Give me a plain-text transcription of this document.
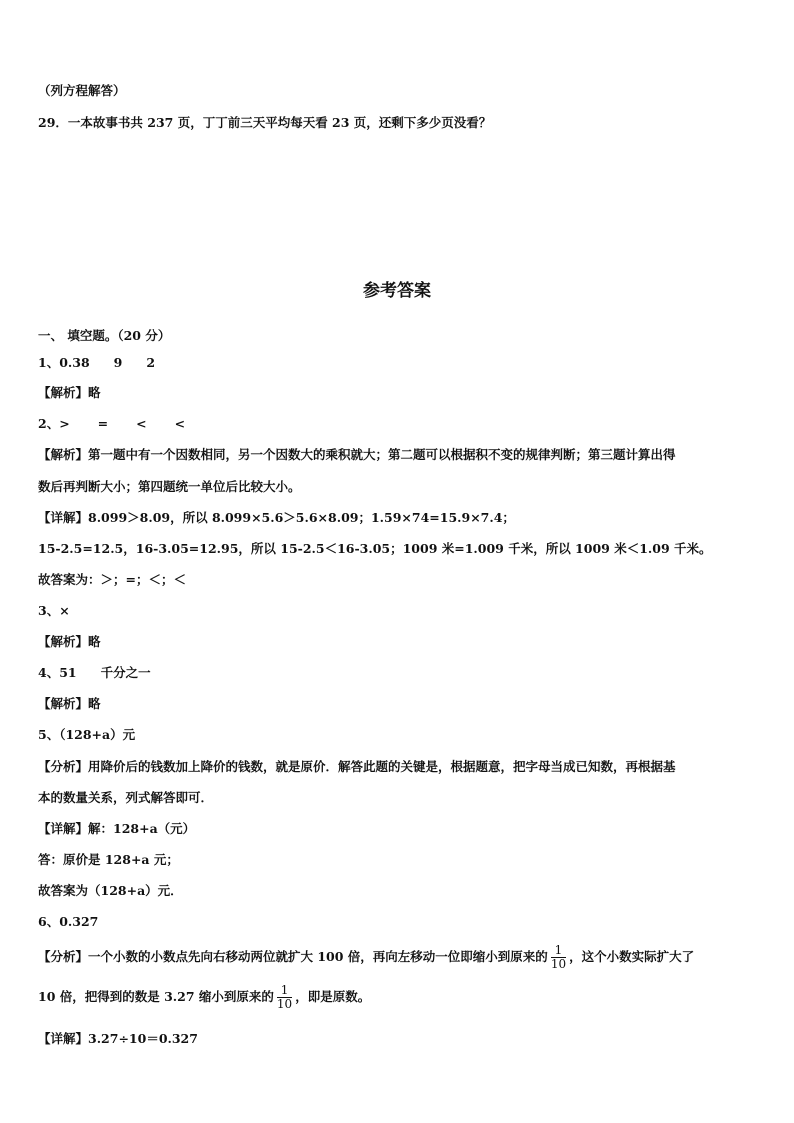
（列方程解答）
29．一本故事书共 237 页，丁丁前三天平均每天看 23 页，还剩下多少页没看？
参考答案
一、 填空题。（20 分）
1、0.38 9 2
【解析】略
2、> = < <
【解析】第一题中有一个因数相同，另一个因数大的乘积就大；第二题可以根据积不变的规律判断；第三题计算出得
数后再判断大小；第四题统一单位后比较大小。
【详解】8.099＞8.09，所以 8.099×5.6＞5.6×8.09；1.59×74=15.9×7.4；
15-2.5=12.5，16-3.05=12.95，所以 15-2.5＜16-3.05；1009 米=1.009 千米，所以 1009 米＜1.09 千米。
故答案为：＞；=；＜；＜
3、×
【解析】略
4、51 千分之一
【解析】略
5、（128+a）元
【分析】用降价后的钱数加上降价的钱数，就是原价．解答此题的关键是，根据题意，把字母当成已知数，再根据基
本的数量关系，列式解答即可．
【详解】解：128+a（元）
答：原价是 128+a 元；
故答案为（128+a）元．
6、0.327
【分析】一个小数的小数点先向右移动两位就扩大 100 倍，再向左移动一位即缩小到原来的 $\frac{1}{10}$ ，这个小数实际扩大了
10 倍，把得到的数是 3.27 缩小到原来的 $\frac{1}{10}$ ，即是原数。
【详解】3.27÷10＝0.327
